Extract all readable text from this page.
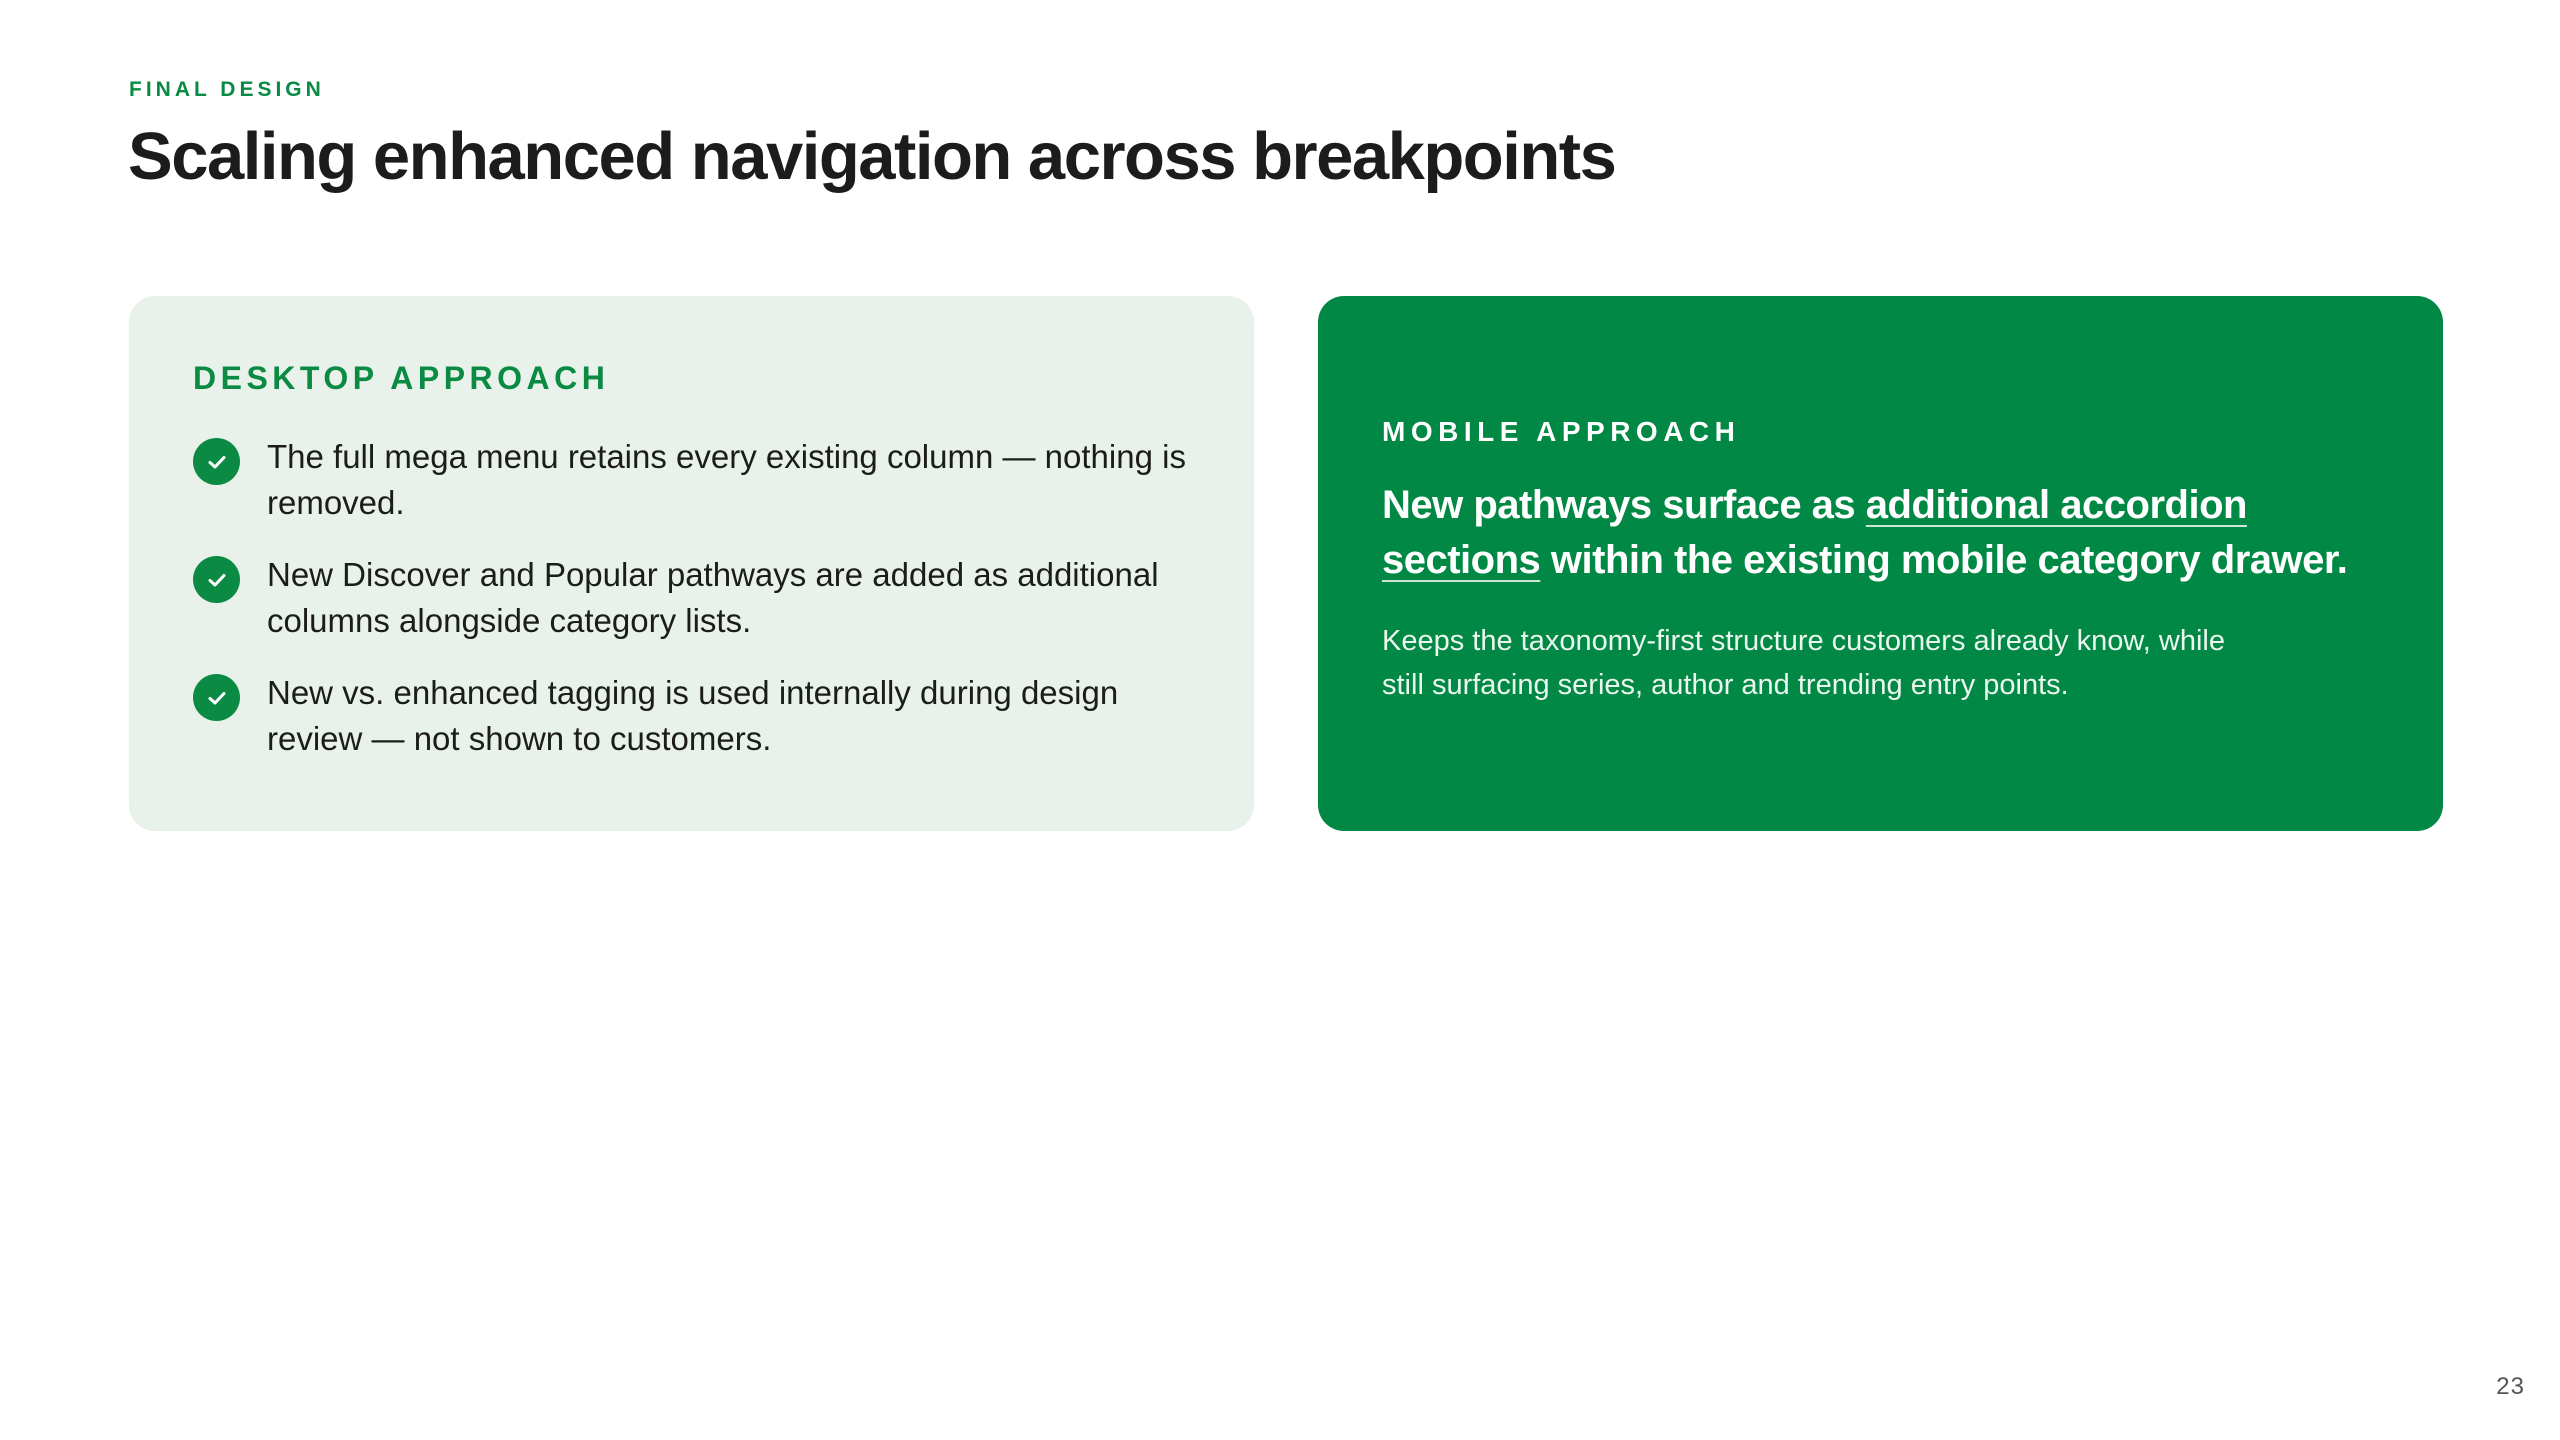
FINAL DESIGN

Scaling enhanced navigation across breakpoints
DESKTOP APPROACH
The full mega menu retains every existing column — nothing is removed.
New Discover and Popular pathways are added as additional columns alongside category lists.
New vs. enhanced tagging is used internally during design review — not shown to customers.
MOBILE APPROACH

New pathways surface as additional accordion sections within the existing mobile category drawer.

Keeps the taxonomy-first structure customers already know, while still surfacing series, author and trending entry points.

23
